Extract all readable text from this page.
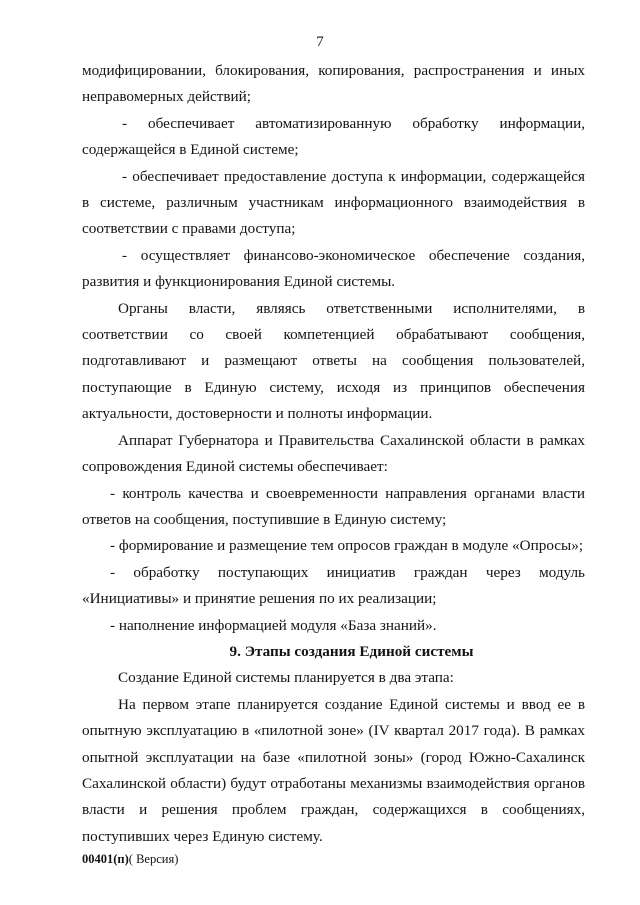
7

модифицировании, блокирования, копирования, распространения и иных неправомерных действий;

- обеспечивает автоматизированную обработку информации, содержащейся в Единой системе;

- обеспечивает предоставление доступа к информации, содержащейся в системе, различным участникам информационного взаимодействия в соответствии с правами доступа;

- осуществляет финансово-экономическое обеспечение создания, развития и функционирования Единой системы.

Органы власти, являясь ответственными исполнителями, в соответствии со своей компетенцией обрабатывают сообщения, подготавливают и размещают ответы на сообщения пользователей, поступающие в Единую систему, исходя из принципов обеспечения актуальности, достоверности и полноты информации.

Аппарат Губернатора и Правительства Сахалинской области в рамках сопровождения Единой системы обеспечивает:

- контроль качества и своевременности направления органами власти ответов на сообщения, поступившие в Единую систему;

- формирование и размещение тем опросов граждан в модуле «Опросы»;

- обработку поступающих инициатив граждан через модуль «Инициативы» и принятие решения по их реализации;

- наполнение информацией модуля «База знаний».

9. Этапы создания Единой системы

Создание Единой системы планируется в два этапа:

На первом этапе планируется создание Единой системы и ввод ее в опытную эксплуатацию в «пилотной зоне» (IV квартал 2017 года). В рамках опытной эксплуатации на базе «пилотной зоны» (город Южно-Сахалинск Сахалинской области) будут отработаны механизмы взаимодействия органов власти и решения проблем граждан, содержащихся в сообщениях, поступивших через Единую систему.

00401(п)( Версия)
